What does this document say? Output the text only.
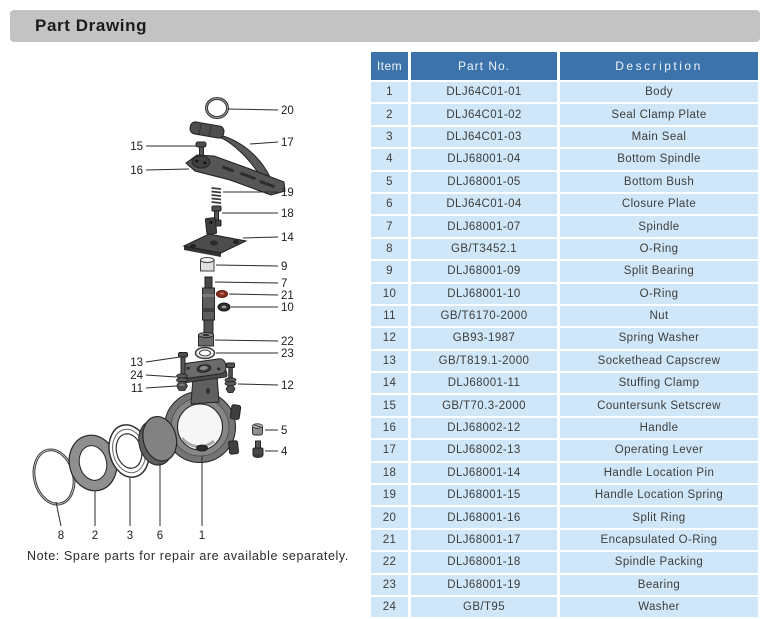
Part Drawing
20
17
19
18
14
9
7
21
10
22
23
12
5
4
15
16
13
24
11
8 2 3 6	1
Note: Spare parts for repair are available separately.
Item	Part No.	Description
1	DLJ64C01-01	Body
2	DLJ64C01-02	Seal Clamp Plate
3	DLJ64C01-03	Main Seal
4	DLJ68001-04	Bottom Spindle
5	DLJ68001-05	Bottom Bush
6	DLJ64C01-04	Closure Plate
7	DLJ68001-07	Spindle
8	GB/T3452.1	O-Ring
9	DLJ68001-09	Split Bearing
10	DLJ68001-10	O-Ring
11	GB/T6170-2000	Nut
12	GB93-1987	Spring Washer
13	GB/T819.1-2000	Sockethead Capscrew
14	DLJ68001-11	Stuffing Clamp
15	GB/T70.3-2000	Countersunk Setscrew
16	DLJ68002-12	Handle
17	DLJ68002-13	Operating Lever
18	DLJ68001-14	Handle Location Pin
19	DLJ68001-15	Handle Location Spring
20	DLJ68001-16	Split Ring
21	DLJ68001-17	Encapsulated O-Ring
22	DLJ68001-18	Spindle Packing
23	DLJ68001-19	Bearing
24	GB/T95	Washer
